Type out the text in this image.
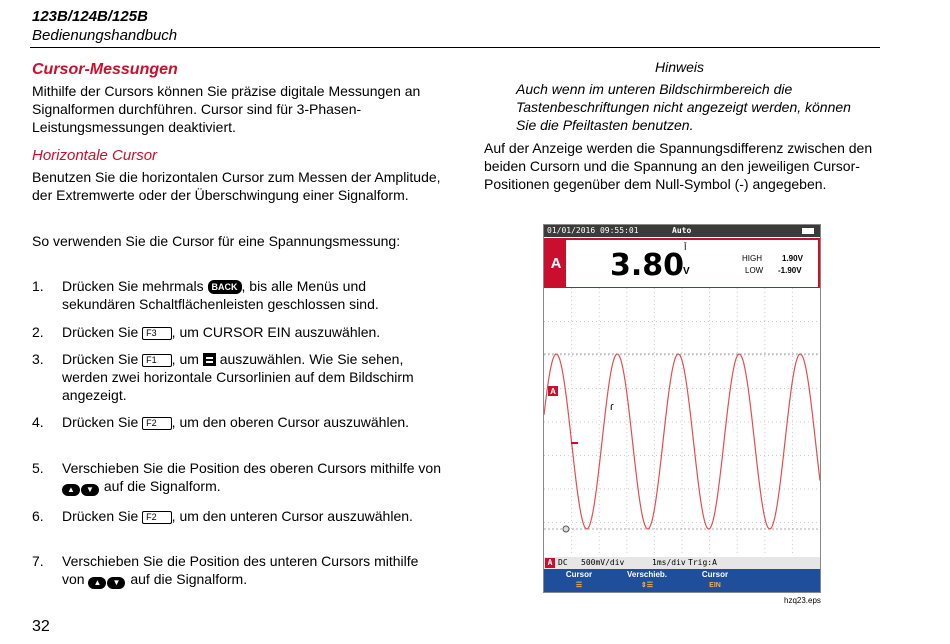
123B/124B/125B
Bedienungshandbuch
Cursor-Messungen
Mithilfe der Cursors können Sie präzise digitale Messungen an Signalformen durchführen. Cursor sind für 3-Phasen-Leistungsmessungen deaktiviert.
Horizontale Cursor
Benutzen Sie die horizontalen Cursor zum Messen der Amplitude, der Extremwerte oder der Überschwingung einer Signalform.
So verwenden Sie die Cursor für eine Spannungsmessung:
1. Drücken Sie mehrmals BACK , bis alle Menüs und sekundären Schaltflächenleisten geschlossen sind.
2. Drücken Sie F3 , um CURSOR EIN auszuwählen.
3. Drücken Sie F1 , um auszuwählen. Wie Sie sehen, werden zwei horizontale Cursorlinien auf dem Bildschirm angezeigt.
4. Drücken Sie F2 , um den oberen Cursor auszuwählen.
5. Verschieben Sie die Position des oberen Cursors mithilfe von ▲ ▼ auf die Signalform.
6. Drücken Sie F2 , um den unteren Cursor auszuwählen.
7. Verschieben Sie die Position des unteren Cursors mithilfe von ▲ ▼ auf die Signalform.
32
Hinweis
Auch wenn im unteren Bildschirmbereich die Tastenbeschriftungen nicht angezeigt werden, können Sie die Pfeiltasten benutzen.
Auf der Anzeige werden die Spannungsdifferenz zwischen den beiden Cursorn und die Spannung an den jeweiligen Cursor-Positionen gegenüber dem Null-Symbol (-) angegeben.
01/01/2016 09:55:01	Auto
A
Ī
3.80
V
HIGH	1.90V
LOW -1.90V
A
ɾ
A DC 500mV/div	1ms/div Trig:A
Cursor
☰
Verschieb.
⇕☰
Cursor
EIN
hzq23.eps
